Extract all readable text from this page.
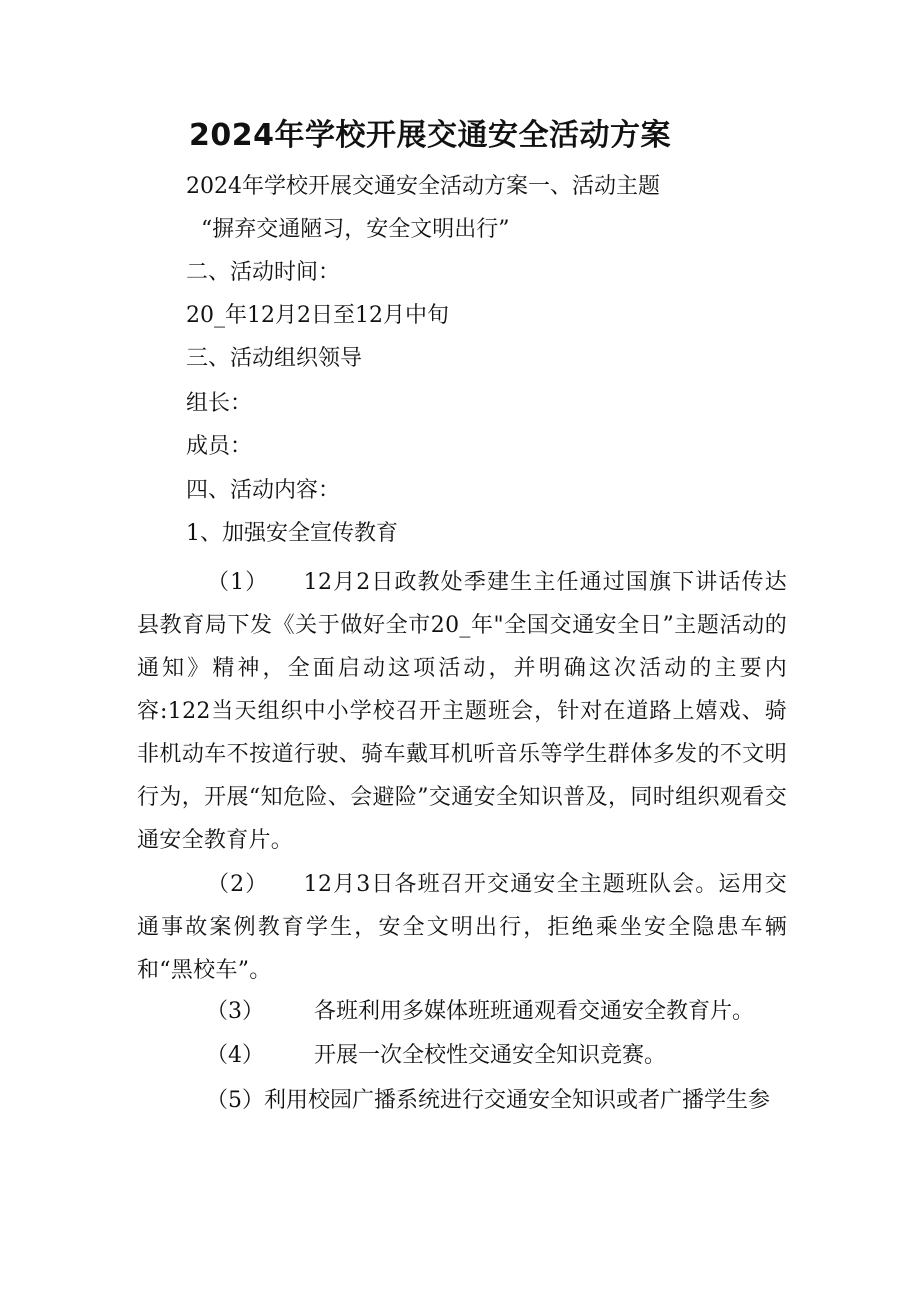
2024年学校开展交通安全活动方案

2024年学校开展交通安全活动方案一、活动主题

“摒弃交通陋习，安全文明出行”

二、活动时间：

20_年12月2日至12月中旬

三、活动组织领导

组长：

成员：

四、活动内容：

1、加强安全宣传教育

（1）　　12月2日政教处季建生主任通过国旗下讲话传达县教育局下发《关于做好全市20_年"全国交通安全日”主题活动的通知》精神，全面启动这项活动，并明确这次活动的主要内容:122当天组织中小学校召开主题班会，针对在道路上嬉戏、骑非机动车不按道行驶、骑车戴耳机听音乐等学生群体多发的不文明行为，开展“知危险、会避险”交通安全知识普及，同时组织观看交通安全教育片。

（2）　　12月3日各班召开交通安全主题班队会。运用交通事故案例教育学生，安全文明出行，拒绝乘坐安全隐患车辆和“黑校车”。

（3） 各班利用多媒体班班通观看交通安全教育片。

（4） 开展一次全校性交通安全知识竞赛。

（5）利用校园广播系统进行交通安全知识或者广播学生参
